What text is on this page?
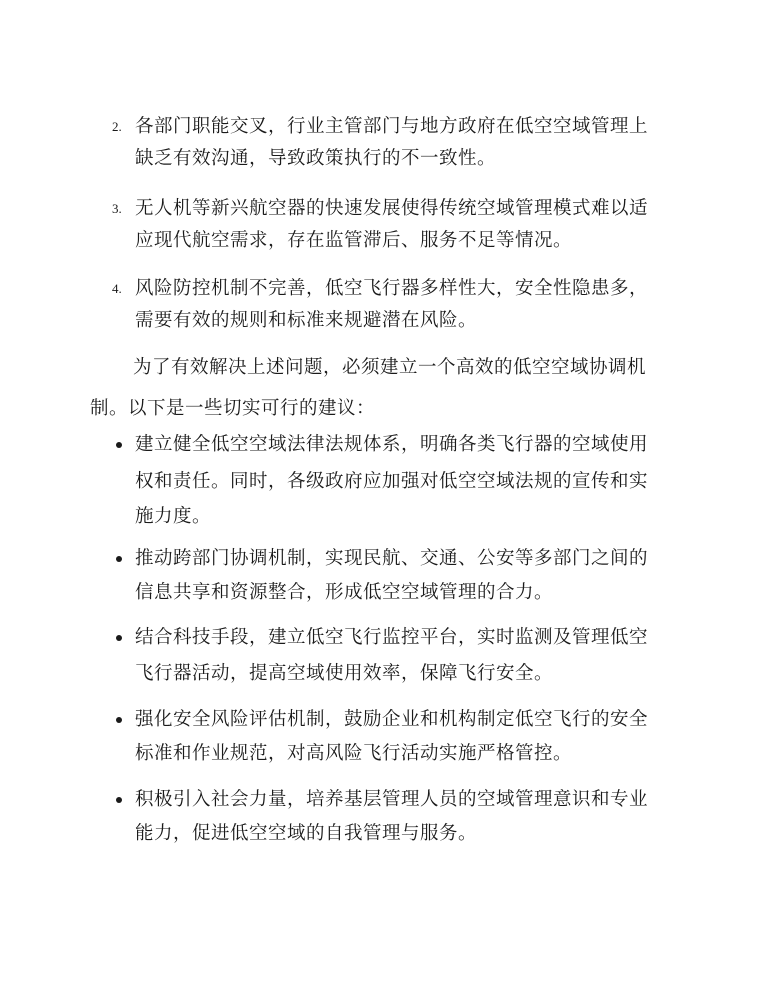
2. 各部门职能交叉，行业主管部门与地方政府在低空空域管理上
缺乏有效沟通，导致政策执行的不一致性。
3. 无人机等新兴航空器的快速发展使得传统空域管理模式难以适
应现代航空需求，存在监管滞后、服务不足等情况。
4. 风险防控机制不完善，低空飞行器多样性大，安全性隐患多，
需要有效的规则和标准来规避潜在风险。
为了有效解决上述问题，必须建立一个高效的低空空域协调机
制。以下是一些切实可行的建议：
建立健全低空空域法律法规体系，明确各类飞行器的空域使用
权和责任。同时，各级政府应加强对低空空域法规的宣传和实
施力度。
推动跨部门协调机制，实现民航、交通、公安等多部门之间的
信息共享和资源整合，形成低空空域管理的合力。
结合科技手段，建立低空飞行监控平台，实时监测及管理低空
飞行器活动，提高空域使用效率，保障飞行安全。
强化安全风险评估机制，鼓励企业和机构制定低空飞行的安全
标准和作业规范，对高风险飞行活动实施严格管控。
积极引入社会力量，培养基层管理人员的空域管理意识和专业
能力，促进低空空域的自我管理与服务。
